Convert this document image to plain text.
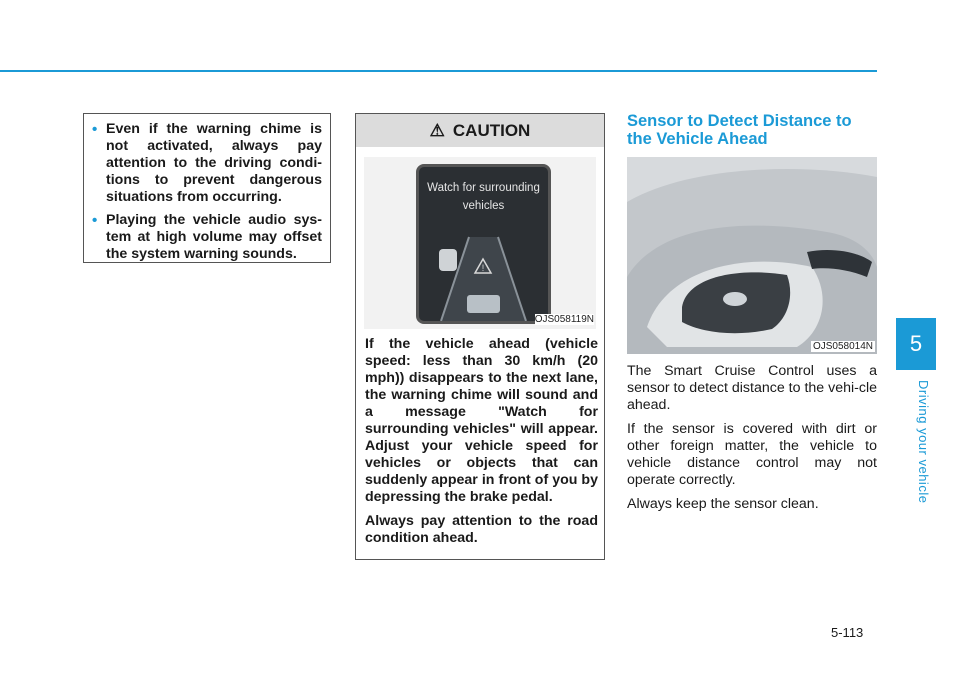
• Even if the warning chime is not activated, always pay attention to the driving condi-tions to prevent dangerous situations from occurring.
• Playing the vehicle audio sys-tem at high volume may offset the system warning sounds.
⚠ CAUTION
Watch for surrounding vehicles
!
OJS058119N

If the vehicle ahead (vehicle speed: less than 30 km/h (20 mph)) disappears to the next lane, the warning chime will sound and a message "Watch for surrounding vehicles" will appear. Adjust your vehicle speed for vehicles or objects that can suddenly appear in front of you by depressing the brake pedal.

Always pay attention to the road condition ahead.

Sensor to Detect Distance to the Vehicle Ahead
OJS058014N

The Smart Cruise Control uses a sensor to detect distance to the vehi-cle ahead.

If the sensor is covered with dirt or other foreign matter, the vehicle to vehicle distance control may not operate correctly.

Always keep the sensor clean.

5
Driving your vehicle
5-113
